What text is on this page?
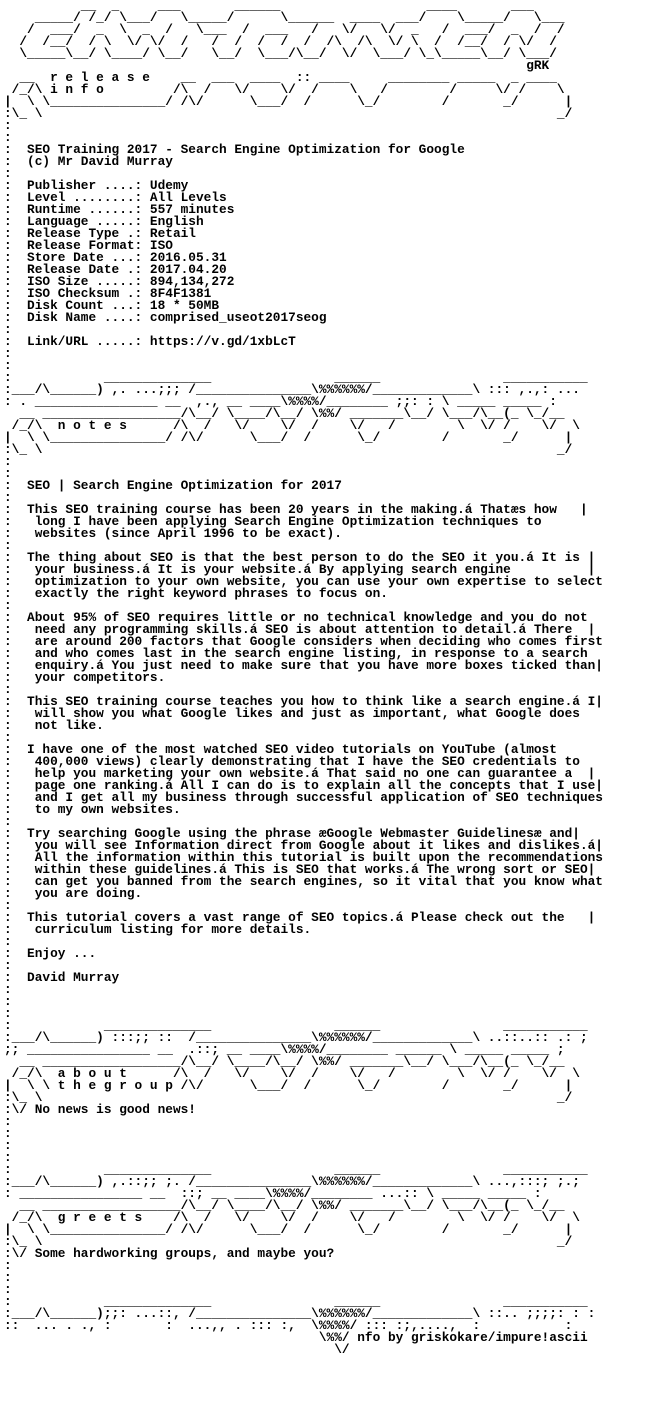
__  _     ___       ______                   ____       ___
_____/ /_/ \___/   \_____/      \______  ____  ___/    \_____/   \___
/  ___/  _  \  _  /   \___  /  ___   /   \/   \/  _   /  ___/  _  /  /
/  /__/  / \  \/ \/  /   /  /  /  /  /  /\  /\  \/ \  /  /__/  / \/  /
\_____\__/ \____/ \__/   \__/  \___/\__/  \/  \___/ \_\_____\__/ \___/
gRK
__  r e l e a s e    __  ___  ____  :: ____     ________ _____  _ ____
/_/\ i n f o         /\  /   \/    \/  /    \   /        /     \/ /    \
|  \ \_______________/ /\/      \___/  /      \_/        /       _/      |
:\_ \                                                                   _/
:
:
:  SEO Training 2017 - Search Engine Optimization for Google
:  (c) Mr David Murray
:
:  Publisher ....: Udemy
:  Level ........: All Levels
:  Runtime ......: 557 minutes
:  Language .....: English
:  Release Type .: Retail
:  Release Format: ISO
:  Store Date ...: 2016.05.31
:  Release Date .: 2017.04.20
:  ISO Size .....: 894,134,272
:  ISO Checksum .: 8F4F1381
:  Disk Count ...: 18 * 50MB
:  Disk Name ....: comprised_useot2017seog
:
:  Link/URL .....: https://v.gd/1xbLcT
:
:
:            ______________                ______                ___________
:___/\______) ,. ...;;; /_______________\%%%%%%/_____________\ ::: ,.,: ...
: . ________________ __  ,., __ ____\%%%%/________ ;;: : \ _____ _____ :
__ __________________/\__/ \____/\__/ \%%/ _______\__/ \___/\__(_ \_/__
/_/\  n o t e s      /\  /   \/    \/  /    \/   /        \  \/ /    \/  \
|  \ \_______________/ /\/      \___/  /      \_/        /       _/      |
:\_ \                                                                   _/
:
:
:  SEO | Search Engine Optimization for 2017
:
:  This SEO training course has been 20 years in the making.á Thatæs how   |
:   long I have been applying Search Engine Optimization techniques to
:   websites (since April 1996 to be exact).
:
:  The thing about SEO is that the best person to do the SEO it you.á It is |
:   your business.á It is your website.á By applying search engine          |
:   optimization to your own website, you can use your own expertise to select
:   exactly the right keyword phrases to focus on.
:
:  About 95% of SEO requires little or no technical knowledge and you do not
:   need any programming skills.á SEO is about attention to detail.á There  |
:   are around 200 factors that Google considers when deciding who comes first
:   and who comes last in the search engine listing, in response to a search
:   enquiry.á You just need to make sure that you have more boxes ticked than|
:   your competitors.
:
:  This SEO training course teaches you how to think like a search engine.á I|
:   will show you what Google likes and just as important, what Google does
:   not like.
:
:  I have one of the most watched SEO video tutorials on YouTube (almost
:   400,000 views) clearly demonstrating that I have the SEO credentials to
:   help you marketing your own website.á That said no one can guarantee a  |
:   page one ranking.á All I can do is to explain all the concepts that I use|
:   and I get all my business through successful application of SEO techniques
:   to my own websites.
:
:  Try searching Google using the phrase æGoogle Webmaster Guidelinesæ and|
:   you will see Information direct from Google about it likes and dislikes.á|
:   All the information within this tutorial is built upon the recommendations
:   within these guidelines.á This is SEO that works.á The wrong sort or SEO|
:   can get you banned from the search engines, so it vital that you know what
:   you are doing.
:
:  This tutorial covers a vast range of SEO topics.á Please check out the   |
:   curriculum listing for more details.
:
:  Enjoy ...
:
:  David Murray
:
:
:
:            ______________                ______                ___________
:___/\______) :::;; ::  /_______________\%%%%%%/_____________\ ..::..:: .: ;
;; ________________ __  .::; __ ____\%%%%/________ ______ \ _____ _____ ;
__ __________________/\__/ \____/\__/ \%%/ _______\__/ \___/\__(_ \_/__
/_/\  a b o u t      /\  /   \/    \/  /    \/   /        \  \/ /    \/  \
|  \ \ t h e g r o u p /\/      \___/  /      \_/        /       _/      |
:\_ \                                                                   _/
:\/ No news is good news!
:
:
:
:
:            ______________                ______                ___________
:___/\______) ,.::;; ;. /_______________\%%%%%%/_____________\ ...,:::; ;.;
: ________________ __  ::; __ ____\%%%%/________ ...:: \ _____ _____ :
__ __________________/\__/ \____/\__/ \%%/ _______\__/ \___/\__(_ \_/__
/_/\  g r e e t s    /\  /   \/    \/  /    \/   /        \  \/ /    \/  \
|  \ \_______________/ /\/      \___/  /      \_/        /       _/      |
:\_ \                                                                   _/
:\/ Some hardworking groups, and maybe you?
:
:
:
:            ______________                ______                ___________
:___/\______);;: ...::, /_______________\%%%%%%/_____________\ ::.. ;;;;: : :
::  ... . ., :       :  ...,, . ::: :,  \%%%%/ ::: :;,....,  :           :
\%%/ nfo by griskokare/impure!ascii
\/
